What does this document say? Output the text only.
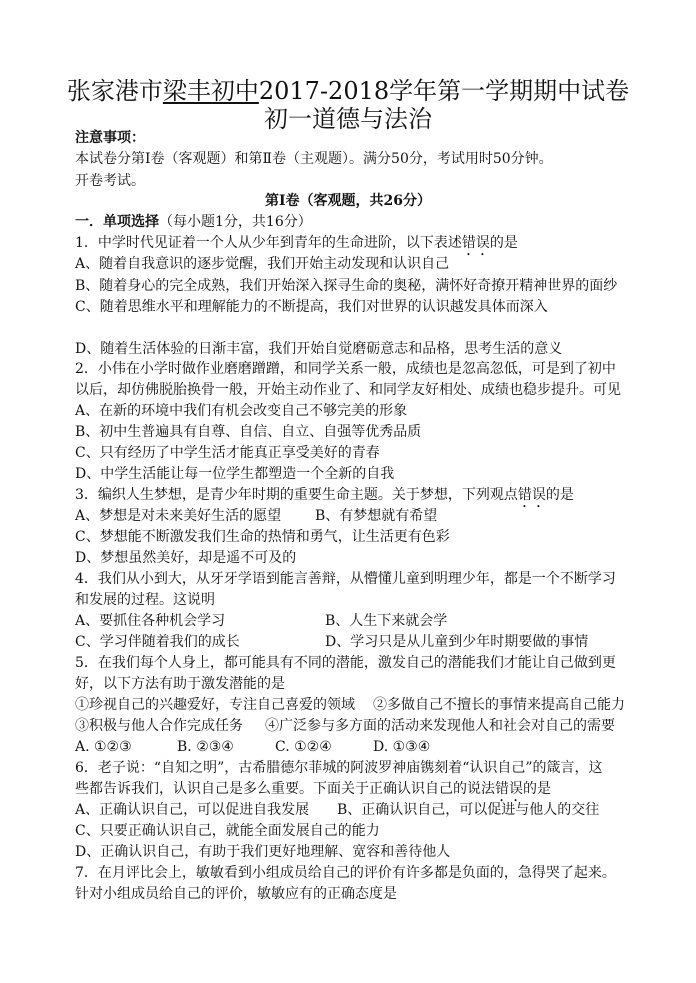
张家港市梁丰初中2017-2018学年第一学期期中试卷
初一道德与法治
注意事项：
本试卷分第Ⅰ卷（客观题）和第Ⅱ卷（主观题）。满分50分，考试用时50分钟。
开卷考试。
第Ⅰ卷（客观题，共26分）
一．单项选择（每小题1分，共16分）
1．中学时代见证着一个人从少年到青年的生命进阶，以下表述错误的是
A、随着自我意识的逐步觉醒，我们开始主动发现和认识自己
B、随着身心的完全成熟，我们开始深入探寻生命的奥秘，满怀好奇撩开精神世界的面纱
C、随着思维水平和理解能力的不断提高，我们对世界的认识越发具体而深入
D、随着生活体验的日渐丰富，我们开始自觉磨砺意志和品格，思考生活的意义
2．小伟在小学时做作业磨磨蹭蹭，和同学关系一般，成绩也是忽高忽低，可是到了初中
以后，却仿佛脱胎换骨一般，开始主动作业了、和同学友好相处、成绩也稳步提升。可见
A、在新的环境中我们有机会改变自己不够完美的形象
B、初中生普遍具有自尊、自信、自立、自强等优秀品质
C、只有经历了中学生活才能真正享受美好的青春
D、中学生活能让每一位学生都塑造一个全新的自我
3．编织人生梦想，是青少年时期的重要生命主题。关于梦想，下列观点错误的是
A、梦想是对未来美好生活的愿望 B、有梦想就有希望
C、梦想能不断激发我们生命的热情和勇气，让生活更有色彩
D、梦想虽然美好，却是遥不可及的
4．我们从小到大，从牙牙学语到能言善辩，从懵懂儿童到明理少年，都是一个不断学习
和发展的过程。这说明
A、要抓住各种机会学习	B、人生下来就会学
C、学习伴随着我们的成长	D、学习只是从儿童到少年时期要做的事情
5．在我们每个人身上，都可能具有不同的潜能，激发自己的潜能我们才能让自己做到更
好，以下方法有助于激发潜能的是
①珍视自己的兴趣爱好，专注自己喜爱的领域 ②多做自己不擅长的事情来提高自己能力
③积极与他人合作完成任务 ④广泛参与多方面的活动来发现他人和社会对自己的需要
A. ①②③	B. ②③④	C. ①②④	D. ①③④
6．老子说：“自知之明”，古希腊德尔菲城的阿波罗神庙镌刻着“认识自己”的箴言，这
些都告诉我们，认识自己是多么重要。下面关于正确认识自己的说法错误的是
A、正确认识自己，可以促进自我发展 B、正确认识自己，可以促进与他人的交往
C、只要正确认识自己，就能全面发展自己的能力
D、正确认识自己，有助于我们更好地理解、宽容和善待他人
7．在月评比会上，敏敏看到小组成员给自己的评价有许多都是负面的，急得哭了起来。
针对小组成员给自己的评价，敏敏应有的正确态度是
